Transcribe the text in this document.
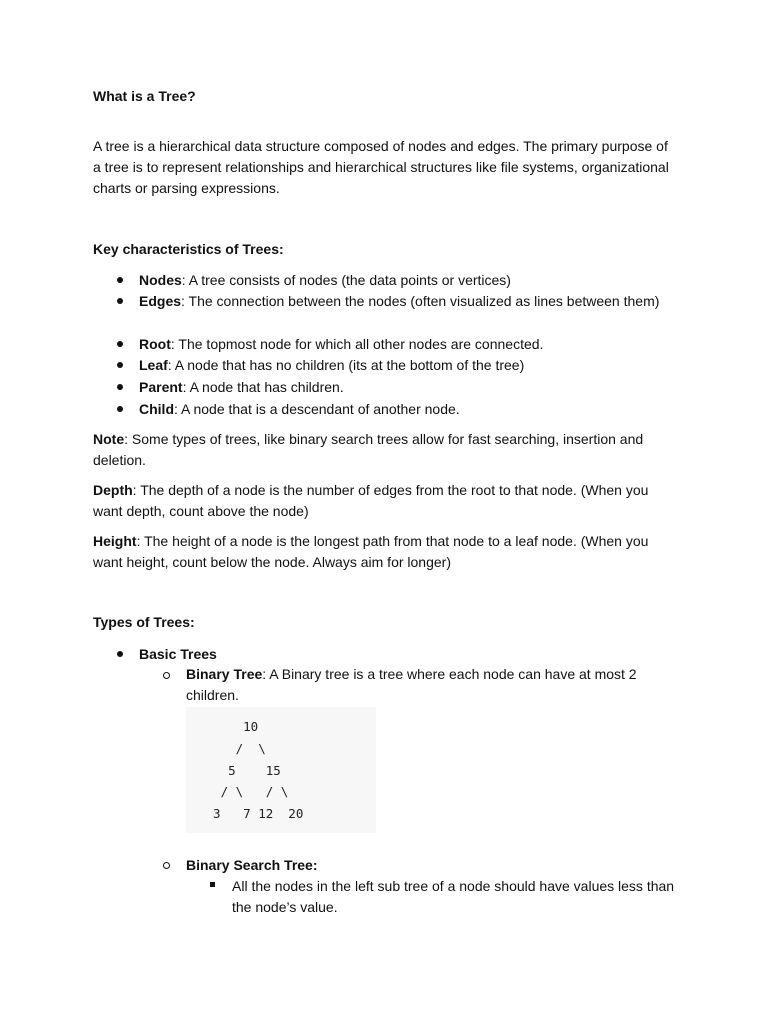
What is a Tree?

A tree is a hierarchical data structure composed of nodes and edges. The primary purpose of a tree is to represent relationships and hierarchical structures like file systems, organizational charts or parsing expressions.

Key characteristics of Trees:

Nodes: A tree consists of nodes (the data points or vertices)

Edges: The connection between the nodes (often visualized as lines between them)

Root: The topmost node for which all other nodes are connected.

Leaf: A node that has no children (its at the bottom of the tree)

Parent: A node that has children.

Child: A node that is a descendant of another node.

Note: Some types of trees, like binary search trees allow for fast searching, insertion and deletion.

Depth: The depth of a node is the number of edges from the root to that node. (When you want depth, count above the node)

Height: The height of a node is the longest path from that node to a leaf node. (When you want height, count below the node. Always aim for longer)

Types of Trees:

Basic Trees

Binary Tree: A Binary tree is a tree where each node can have at most 2 children.

10
/  \
5    15
/ \   / \
3   7 12  20

Binary Search Tree:

All the nodes in the left sub tree of a node should have values less than the node’s value.
